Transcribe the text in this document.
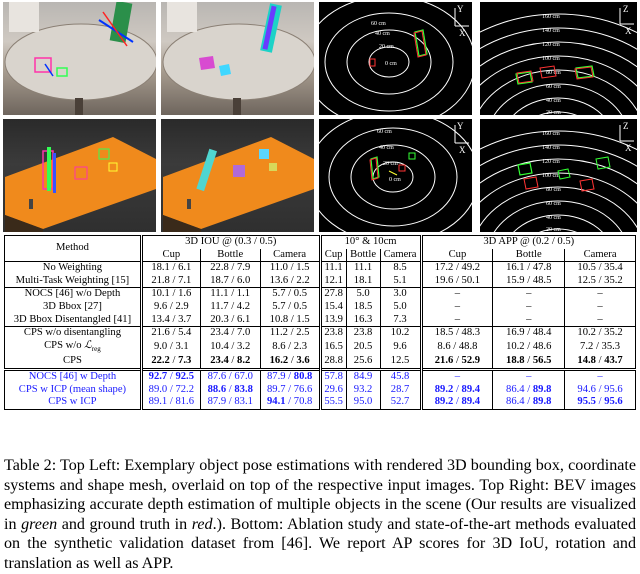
60 cm
40 cm
20 cm
0 cm
Y
X
160 cm
140 cm
120 cm
100 cm
80 cm
60 cm
40 cm
20 cm
Z
X
60 cm
40 cm
20 cm
0 cm
Y
X
160 cm
140 cm
120 cm
100 cm
80 cm
60 cm
40 cm
20 cm
Z
X
Method	3D IOU @ (0.3 / 0.5)			10° & 10cm			3D APP @ (0.2 / 0.5)		
	Cup	Bottle	Camera	Cup	Bottle	Camera	Cup	Bottle	Camera
No Weighting	18.1 / 6.1	22.8 / 7.9	11.0 / 1.5	11.1	11.1	8.5	17.2 / 49.2	16.1 / 47.8	10.5 / 35.4
Multi-Task Weighting [15]	21.8 / 7.1	18.7 / 6.0	13.6 / 2.2	12.1	18.1	5.1	19.6 / 50.1	15.9 / 48.5	12.5 / 35.2
NOCS [46] w/o Depth	10.1 / 1.6	11.1 / 1.1	5.7 / 0.5	27.8	5.0	3.0	–	–	–
3D Bbox [27]	9.6 / 2.9	11.7 / 4.2	5.7 / 0.5	15.4	18.5	5.0	–	–	–
3D Bbox Disentangled [41]	13.4 / 3.7	20.3 / 6.1	10.8 / 1.5	13.9	16.3	7.3	–	–	–
CPS w/o disentangling	21.6 / 5.4	23.4 / 7.0	11.2 / 2.5	23.8	23.8	10.2	18.5 / 48.3	16.9 / 48.4	10.2 / 35.2
CPS w/o ℒ$_{reg}$	9.0 / 3.1	10.4 / 3.2	8.6 / 2.3	16.5	20.5	9.6	8.6 / 48.8	10.2 / 48.6	7.2 / 35.3
CPS	22.2 / 7.3	23.4 / 8.2	16.2 / 3.6	28.8	25.6	12.5	21.6 / 52.9	18.8 / 56.5	14.8 / 43.7
NOCS [46] w Depth	92.7 / 92.5	87.6 / 67.0	87.9 / 80.8	57.8	84.9	45.8	–	–	–
CPS w ICP (mean shape)	89.0 / 72.2	88.6 / 83.8	89.7 / 76.6	29.6	93.2	28.7	89.2 / 89.4	86.4 / 89.8	94.6 / 95.6
CPS w ICP	89.1 / 81.6	87.9 / 83.1	94.1 / 70.8	55.5	95.0	52.7	89.2 / 89.4	86.4 / 89.8	95.5 / 95.6
Table 2: Top Left: Exemplary object pose estimations with rendered 3D bounding box, coordinate systems and shape mesh, overlaid on top of the respective input images. Top Right: BEV images emphasizing accurate depth estimation of multiple objects in the scene (Our results are visualized in green and ground truth in red.). Bottom: Ablation study and state-of-the-art methods evaluated on the synthetic validation dataset from [46]. We report AP scores for 3D IoU, rotation and translation as well as APP.
